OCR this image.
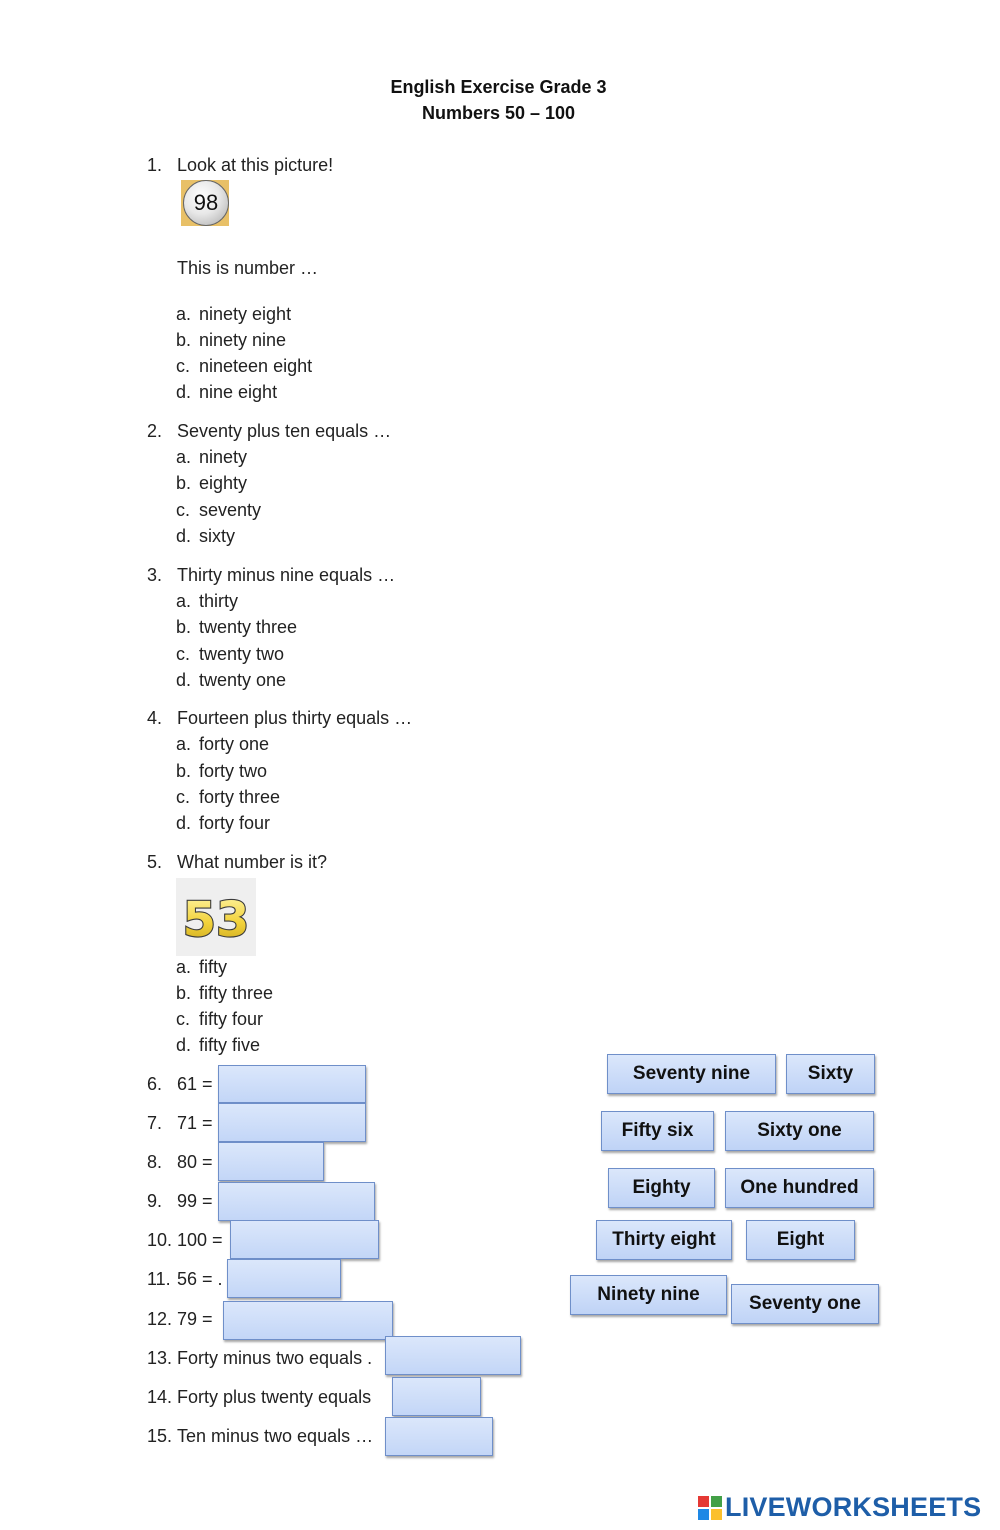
English Exercise Grade 3
Numbers 50 – 100
1. Look at this picture!
98
This is number …
a. ninety eight
b. ninety nine
c. nineteen eight
d. nine eight
2. Seventy plus ten equals …
a. ninety
b. eighty
c. seventy
d. sixty
3. Thirty minus nine equals …
a. thirty
b. twenty three
c. twenty two
d. twenty one
4. Fourteen plus thirty equals …
a. forty one
b. forty two
c. forty three
d. forty four
5. What number is it?
53
a. fifty
b. fifty three
c. fifty four
d. fifty five
6. 61 =
7. 71 =
8. 80 =
9. 99 =
10. 100 =
11. 56 = .
12. 79 =
13. Forty minus two equals .
14. Forty plus twenty equals
15. Ten minus two equals …
Seventy nine	Sixty
Fifty six	Sixty one
Eighty	One hundred
Thirty eight	Eight
Ninety nine	Seventy one
LIVEWORKSHEETS
